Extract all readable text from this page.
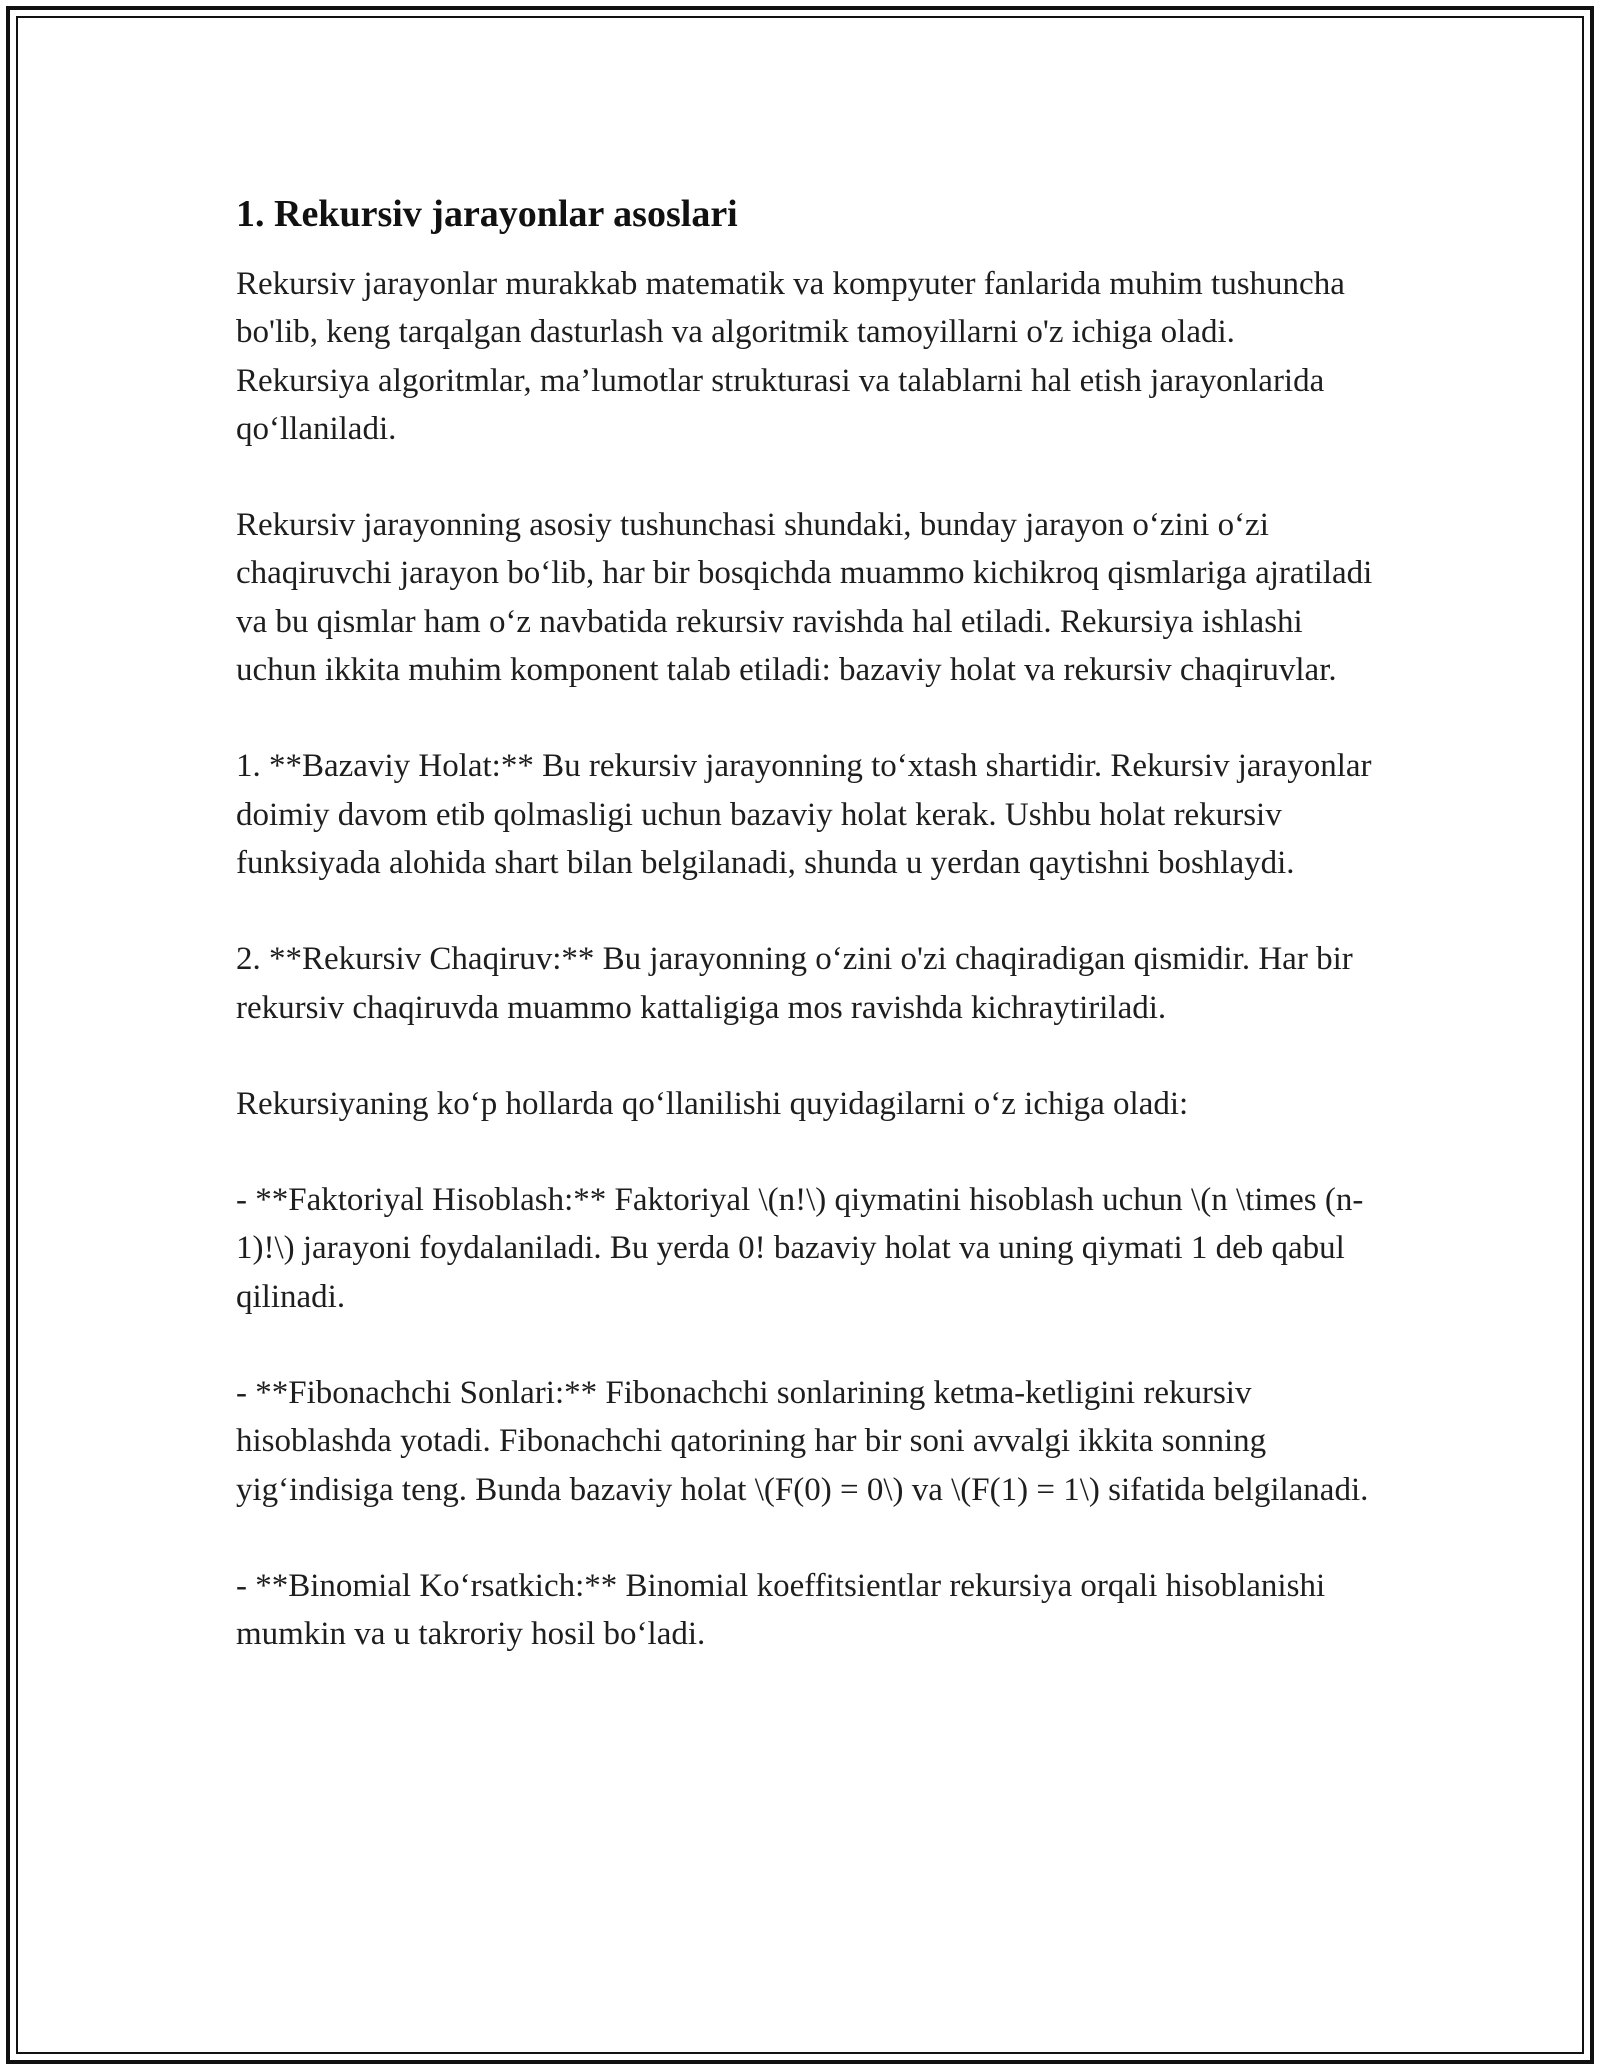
1. Rekursiv jarayonlar asoslari

Rekursiv jarayonlar murakkab matematik va kompyuter fanlarida muhim tushuncha bo'lib, keng tarqalgan dasturlash va algoritmik tamoyillarni o'z ichiga oladi. Rekursiya algoritmlar, ma’lumotlar strukturasi va talablarni hal etish jarayonlarida qo‘llaniladi.

Rekursiv jarayonning asosiy tushunchasi shundaki, bunday jarayon o‘zini o‘zi chaqiruvchi jarayon bo‘lib, har bir bosqichda muammo kichikroq qismlariga ajratiladi va bu qismlar ham o‘z navbatida rekursiv ravishda hal etiladi. Rekursiya ishlashi uchun ikkita muhim komponent talab etiladi: bazaviy holat va rekursiv chaqiruvlar.

1. **Bazaviy Holat:** Bu rekursiv jarayonning to‘xtash shartidir. Rekursiv jarayonlar doimiy davom etib qolmasligi uchun bazaviy holat kerak. Ushbu holat rekursiv funksiyada alohida shart bilan belgilanadi, shunda u yerdan qaytishni boshlaydi.

2. **Rekursiv Chaqiruv:** Bu jarayonning o‘zini o'zi chaqiradigan qismidir. Har bir rekursiv chaqiruvda muammo kattaligiga mos ravishda kichraytiriladi.

Rekursiyaning ko‘p hollarda qo‘llanilishi quyidagilarni o‘z ichiga oladi:

- **Faktoriyal Hisoblash:** Faktoriyal \(n!\) qiymatini hisoblash uchun \(n \times (n-1)!\) jarayoni foydalaniladi. Bu yerda 0! bazaviy holat va uning qiymati 1 deb qabul qilinadi.

- **Fibonachchi Sonlari:** Fibonachchi sonlarining ketma-ketligini rekursiv hisoblashda yotadi. Fibonachchi qatorining har bir soni avvalgi ikkita sonning yig‘indisiga teng. Bunda bazaviy holat \(F(0) = 0\) va \(F(1) = 1\) sifatida belgilanadi.

- **Binomial Ko‘rsatkich:** Binomial koeffitsientlar rekursiya orqali hisoblanishi mumkin va u takroriy hosil bo‘ladi.
